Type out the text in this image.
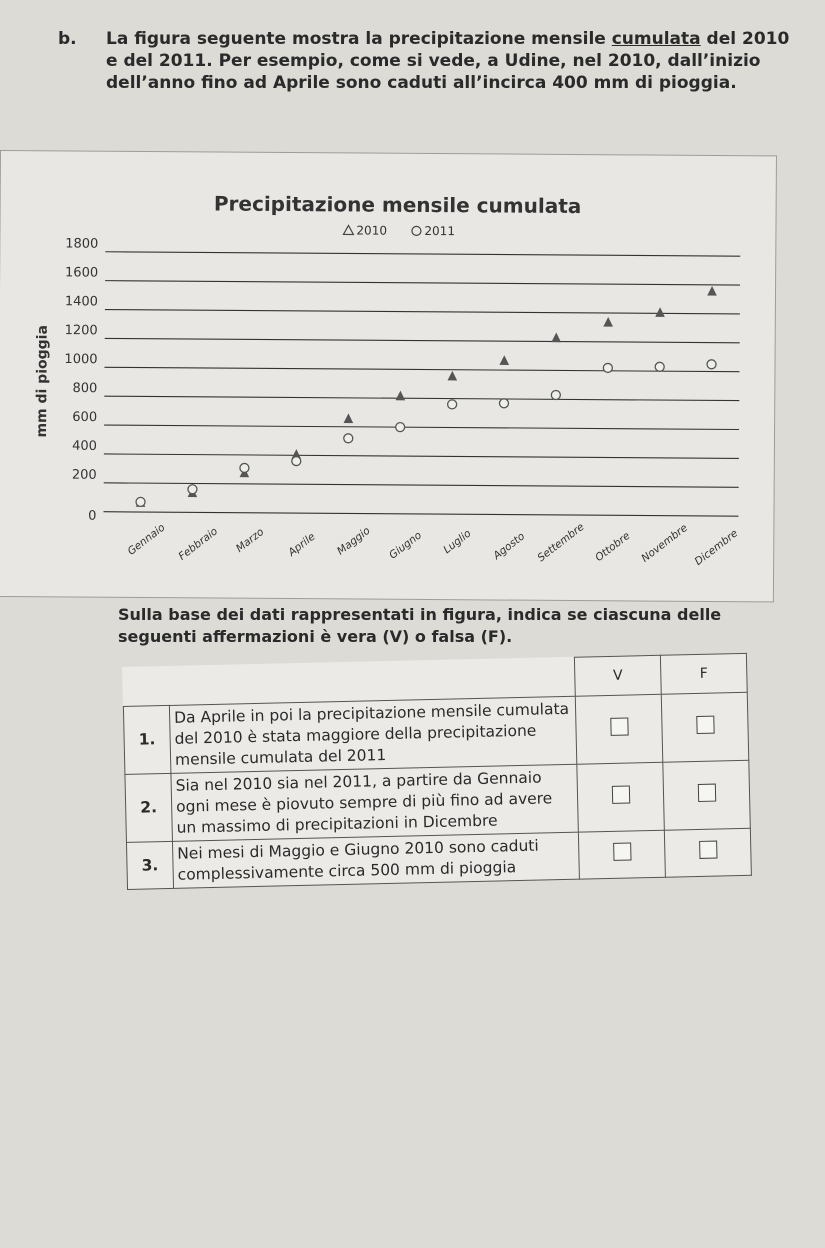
b. La figura seguente mostra la precipitazione mensile cumulata del 2010 e del 2011. Per esempio, come si vede, a Udine, nel 2010, dall’inizio dell’anno fino ad Aprile sono caduti all’incirca 400 mm di pioggia.
Precipitazione mensile cumulata
2010	2011
0
200
400
600
800
1000
1200
1400
1600
1800
mm di pioggia
Gennaio Febbraio Marzo Aprile Maggio Giugno Luglio Agosto Settembre Ottobre Novembre Dicembre
Sulla base dei dati rappresentati in figura, indica se ciascuna delle seguenti affermazioni è vera (V) o falsa (F).
		V	F
1.	Da Aprile in poi la precipitazione mensile cumulata del 2010 è stata maggiore della precipitazione mensile cumulata del 2011		
2.	Sia nel 2010 sia nel 2011, a partire da Gennaio ogni mese è piovuto sempre di più fino ad avere un massimo di precipitazioni in Dicembre		
3.	Nei mesi di Maggio e Giugno 2010 sono caduti complessivamente circa 500 mm di pioggia		
